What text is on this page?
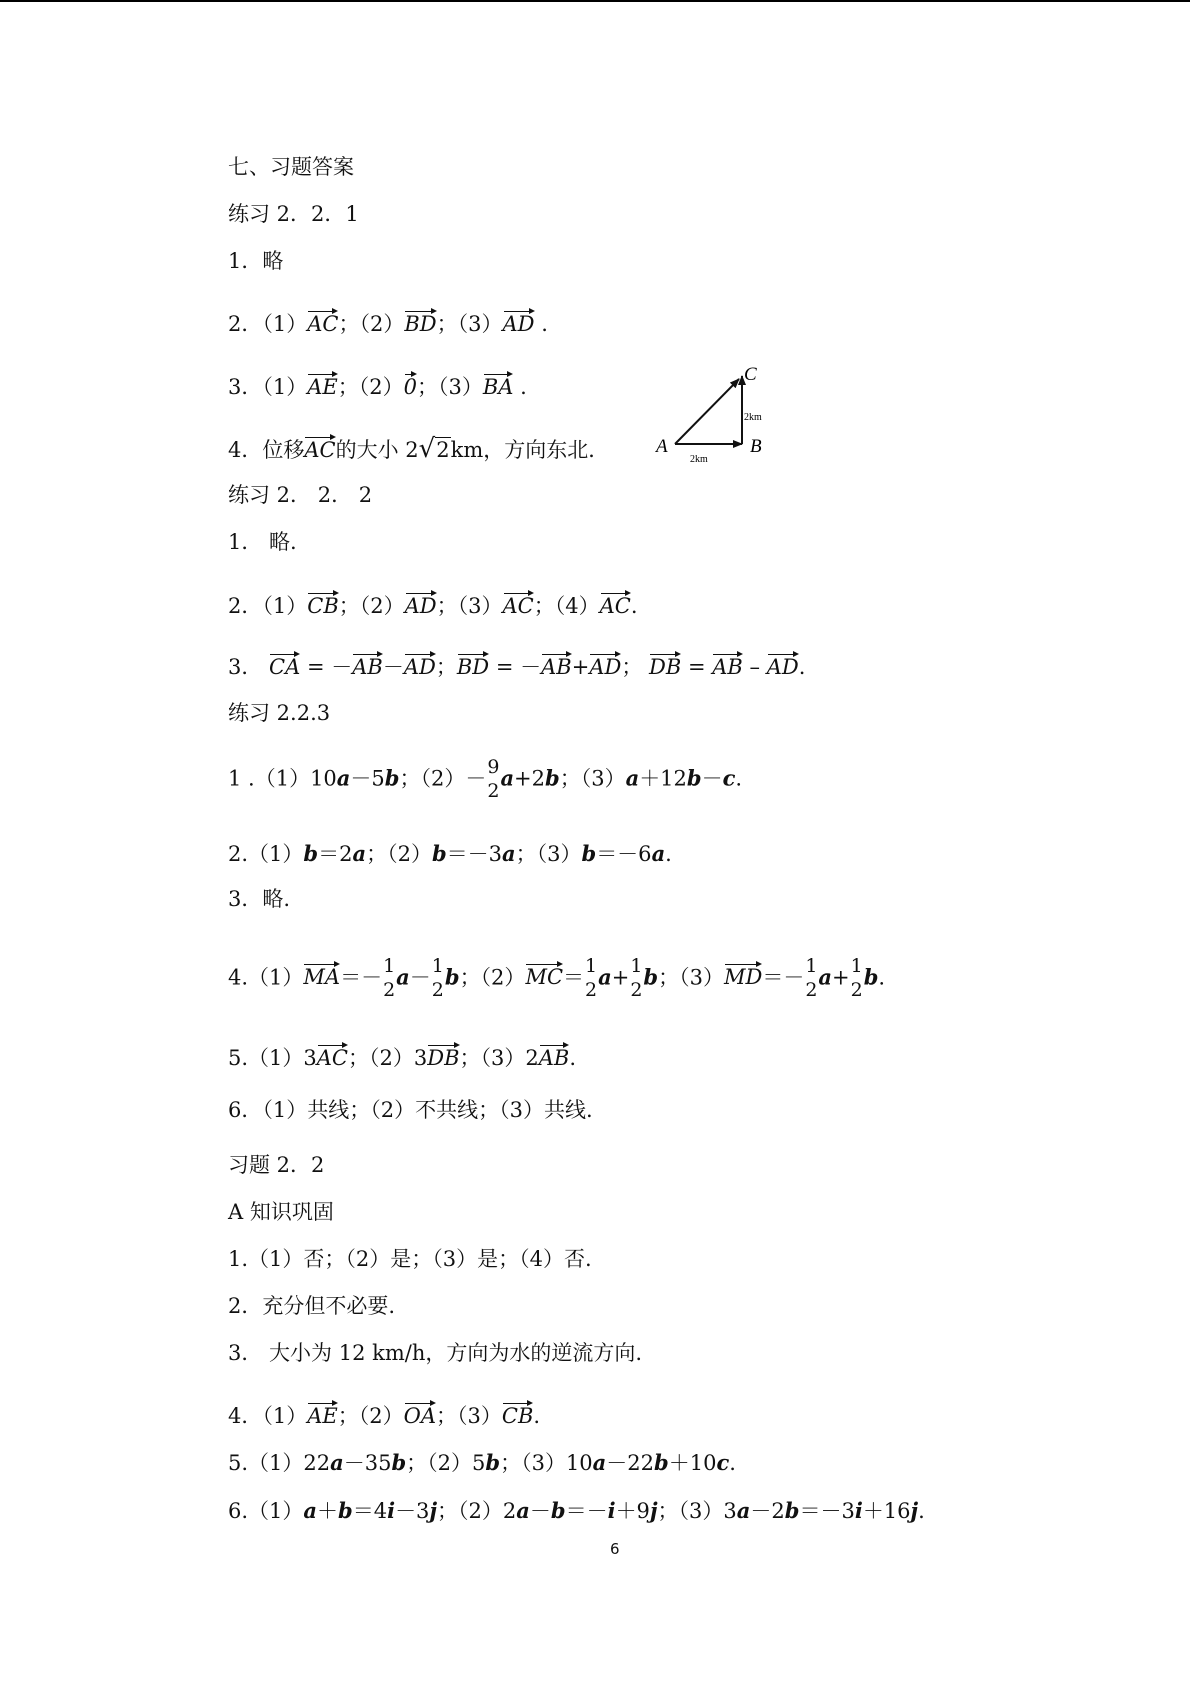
七、习题答案
练习 2．2．1
1．略
2．（1）AC；（2）BD；（3）AD .
3．（1）AE；（2）0；（3）BA .
4．位移AC的大小 2√2km，方向东北． A	B
C
2km
2km
练习 2． 2． 2
1． 略.
2．（1）CB；（2）AD；（3）AC；（4）AC.
3． CA = －AB－AD；BD = －AB+AD； DB = AB – AD.
练习 2.2.3
1 .（1）10a－5b；（2）－ 9
2
a+2b；（3）a＋12b－c.
2.（1）b＝2a；（2）b＝－3a；（3）b＝－6a.
3．略.
4.（1）MA＝－ 1
2
a－ 1
2
b；（2）MC＝ 1
2
a+ 1
2
b；（3）MD＝－ 1
2
a+ 1
2
b.
5.（1）3AC；（2）3DB；（3）2AB.
6．（1）共线；（2）不共线；（3）共线.
习题 2．2
A 知识巩固
1.（1）否；（2）是；（3）是；（4）否.
2．充分但不必要.
3． 大小为 12 km/h，方向为水的逆流方向.
4．（1）AE；（2）OA；（3）CB.
5.（1）22a－35b；（2）5b；（3）10a－22b＋10c.
6.（1）a＋b＝4i－3j；（2）2a－b＝－i＋9j；（3）3a－2b＝－3i＋16j.
6
